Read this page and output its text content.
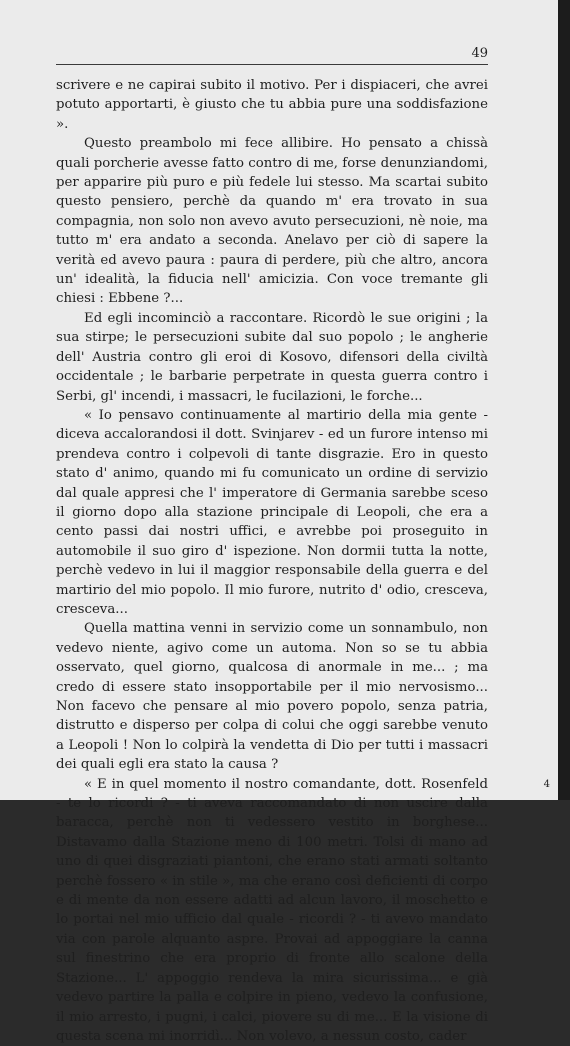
49

scrivere e ne capirai subito il motivo. Per i dispiaceri, che avrei potuto apportarti, è giusto che tu abbia pure una soddisfazione ».

Questo preambolo mi fece allibire. Ho pensato a chissà quali porcherie avesse fatto contro di me, forse denunziandomi, per apparire più puro e più fedele lui stesso. Ma scartai subito questo pensiero, perchè da quando m' era trovato in sua compagnia, non solo non avevo avuto persecuzioni, nè noie, ma tutto m' era andato a seconda. Anelavo per ciò di sapere la verità ed avevo paura : paura di perdere, più che altro, ancora un' idealità, la fiducia nell' amicizia. Con voce tremante gli chiesi : Ebbene ?...

Ed egli incominciò a raccontare. Ricordò le sue origini ; la sua stirpe; le persecuzioni subite dal suo popolo ; le angherie dell' Austria contro gli eroi di Kosovo, difensori della civiltà occidentale ; le barbarie perpetrate in questa guerra contro i Serbi, gl' incendi, i massacri, le fucilazioni, le forche...

« Io pensavo continuamente al martirio della mia gente - diceva accalorandosi il dott. Svinjarev - ed un furore intenso mi prendeva contro i colpevoli di tante disgrazie. Ero in questo stato d' animo, quando mi fu comunicato un ordine di servizio dal quale appresi che l' imperatore di Germania sarebbe sceso il giorno dopo alla stazione principale di Leopoli, che era a cento passi dai nostri uffici, e avrebbe poi proseguito in automobile il suo giro d' ispezione. Non dormii tutta la notte, perchè vedevo in lui il maggior responsabile della guerra e del martirio del mio popolo. Il mio furore, nutrito d' odio, cresceva, cresceva...

Quella mattina venni in servizio come un sonnambulo, non vedevo niente, agivo come un automa. Non so se tu abbia osservato, quel giorno, qualcosa di anormale in me... ; ma credo di essere stato insopportabile per il mio nervosismo... Non facevo che pensare al mio povero popolo, senza patria, distrutto e disperso per colpa di colui che oggi sarebbe venuto a Leopoli ! Non lo colpirà la vendetta di Dio per tutti i massacri dei quali egli era stato la causa ?

« E in quel momento il nostro comandante, dott. Rosenfeld - te lo ricordi ? - ti aveva raccomandato di non uscire dalla baracca, perchè non ti vedessero vestito in borghese... Distavamo dalla Stazione meno di 100 metri. Tolsi di mano ad uno di quei disgraziati piantoni, che erano stati armati soltanto perchè fossero « in stile », ma che erano così deficienti di corpo e di mente da non essere adatti ad alcun lavoro, il moschetto e lo portai nel mio ufficio dal quale - ricordi ? - ti avevo mandato via con parole alquanto aspre. Provai ad appoggiare la canna sul finestrino che era proprio di fronte allo scalone della Stazione... L' appoggio rendeva la mira sicurissima... e già vedevo partire la palla e colpire in pieno, vedevo la confusione, il mio arresto, i pugni, i calci, piovere su di me... E la visione di questa scena mi inorridì... Non volevo, a nessun costo, cader

4
